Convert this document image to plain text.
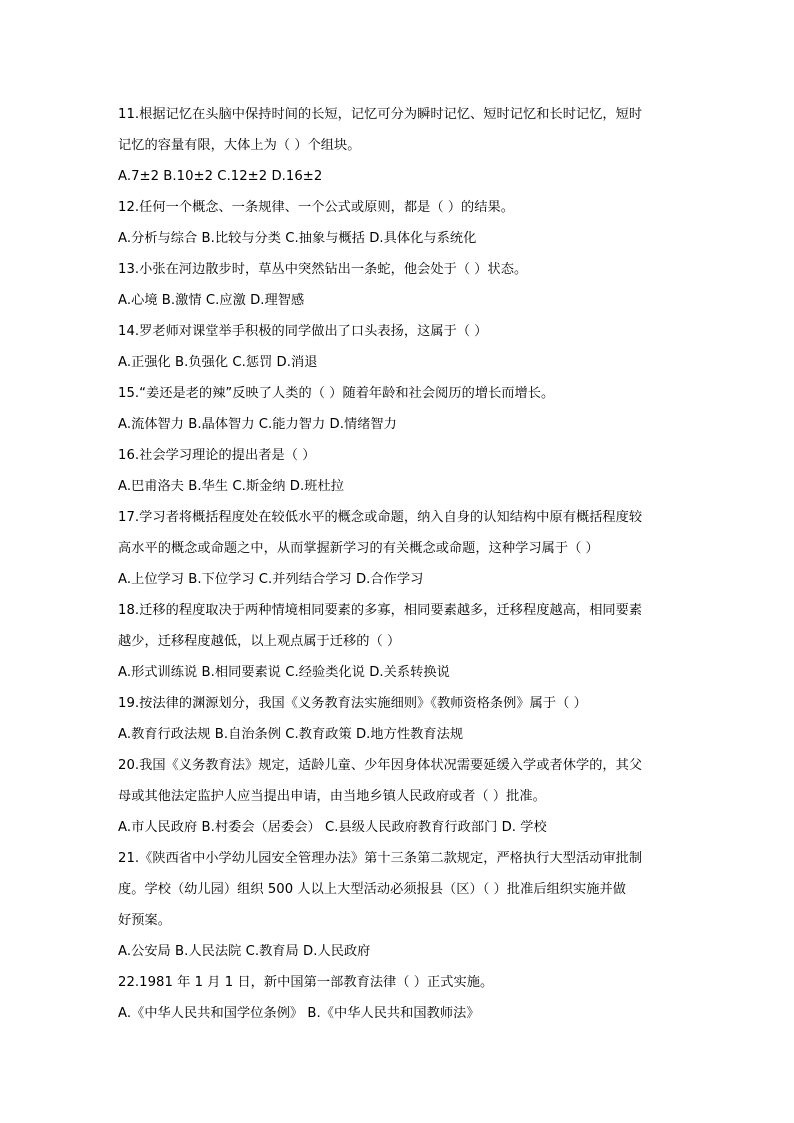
11.根据记忆在头脑中保持时间的长短，记忆可分为瞬时记忆、短时记忆和长时记忆，短时
记忆的容量有限，大体上为（ ）个组块。
A.7±2 B.10±2 C.12±2 D.16±2
12.任何一个概念、一条规律、一个公式或原则，都是（ ）的结果。
A.分析与综合 B.比较与分类 C.抽象与概括 D.具体化与系统化
13.小张在河边散步时，草丛中突然钻出一条蛇，他会处于（ ）状态。
A.心境 B.激情 C.应激 D.理智感
14.罗老师对课堂举手积极的同学做出了口头表扬，这属于（ ）
A.正强化 B.负强化 C.惩罚 D.消退
15.“姜还是老的辣”反映了人类的（ ）随着年龄和社会阅历的增长而增长。
A.流体智力 B.晶体智力 C.能力智力 D.情绪智力
16.社会学习理论的提出者是（ ）
A.巴甫洛夫 B.华生 C.斯金纳 D.班杜拉
17.学习者将概括程度处在较低水平的概念或命题，纳入自身的认知结构中原有概括程度较
高水平的概念或命题之中，从而掌握新学习的有关概念或命题，这种学习属于（ ）
A.上位学习 B.下位学习 C.并列结合学习 D.合作学习
18.迁移的程度取决于两种情境相同要素的多寡，相同要素越多，迁移程度越高，相同要素
越少，迁移程度越低，以上观点属于迁移的（ ）
A.形式训练说 B.相同要素说 C.经验类化说 D.关系转换说
19.按法律的渊源划分，我国《义务教育法实施细则》《教师资格条例》属于（ ）
A.教育行政法规 B.自治条例 C.教育政策 D.地方性教育法规
20.我国《义务教育法》规定，适龄儿童、少年因身体状况需要延缓入学或者休学的，其父
母或其他法定监护人应当提出申请，由当地乡镇人民政府或者（ ）批准。
A.市人民政府 B.村委会（居委会） C.县级人民政府教育行政部门 D. 学校
21.《陕西省中小学幼儿园安全管理办法》第十三条第二款规定，严格执行大型活动审批制
度。学校（幼儿园）组织 500 人以上大型活动必须报县（区）（ ）批准后组织实施并做
好预案。
A.公安局 B.人民法院 C.教育局 D.人民政府
22.1981 年 1 月 1 日，新中国第一部教育法律（ ）正式实施。
A.《中华人民共和国学位条例》 B.《中华人民共和国教师法》
